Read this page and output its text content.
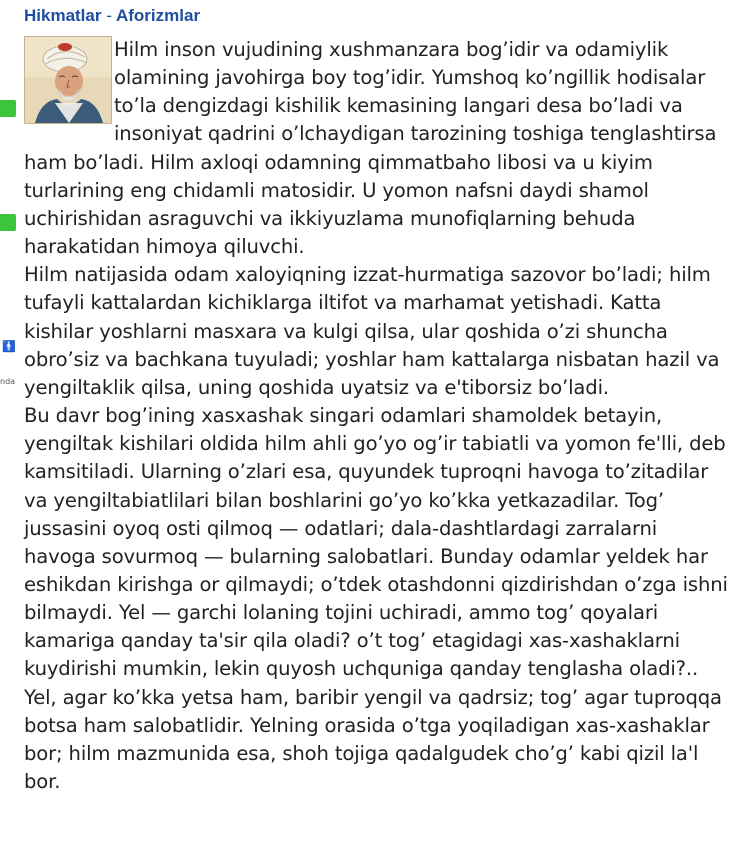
🚹
nda
Hikmatlar - Aforizmlar

Hilm inson vujudining xushmanzara bog’idir va odamiylik olamining javohirga boy tog’idir. Yumshoq ko’ngillik hodisalar to’la dengizdagi kishilik kemasining langari desa bo’ladi va insoniyat qadrini o’lchaydigan tarozining toshiga tenglashtirsa ham bo’ladi. Hilm axloqi odamning qimmatbaho libosi va u kiyim turlarining eng chidamli matosidir. U yomon nafsni daydi shamol uchirishidan asraguvchi va ikkiyuzlama munofiqlarning behuda harakatidan himoya qiluvchi.

Hilm natijasida odam xaloyiqning izzat-hurmatiga sazovor bo’ladi; hilm tufayli kattalardan kichiklarga iltifot va marhamat yetishadi. Katta kishilar yoshlarni masxara va kulgi qilsa, ular qoshida o’zi shuncha obro’siz va bachkana tuyuladi; yoshlar ham kattalarga nisbatan hazil va yengiltaklik qilsa, uning qoshida uyatsiz va e'tiborsiz bo’ladi.

Bu davr bog’ining xasxashak singari odamlari shamoldek betayin, yengiltak kishilari oldida hilm ahli go’yo og’ir tabiatli va yomon fe'lli, deb kamsitiladi. Ularning o’zlari esa, quyundek tuproqni havoga to’zitadilar va yengiltabiatlilari bilan boshlarini go’yo ko’kka yetkazadilar. Tog’ jussasini oyoq osti qilmoq — odatlari; dala-dashtlardagi zarralarni havoga sovurmoq — bularning salobatlari. Bunday odamlar yeldek har eshikdan kirishga or qilmaydi; o’tdek otashdonni qizdirishdan o’zga ishni bilmaydi. Yel — garchi lolaning tojini uchiradi, ammo tog’ qoyalari kamariga qanday ta'sir qila oladi? o’t tog’ etagidagi xas-xashaklarni kuydirishi mumkin, lekin quyosh uchquniga qanday tenglasha oladi?..

Yel, agar ko’kka yetsa ham, baribir yengil va qadrsiz; tog’ agar tuproqqa botsa ham salobatlidir. Yelning orasida o’tga yoqiladigan xas-xashaklar bor; hilm mazmunida esa, shoh tojiga qadalgudek cho’g’ kabi qizil la'l bor.
